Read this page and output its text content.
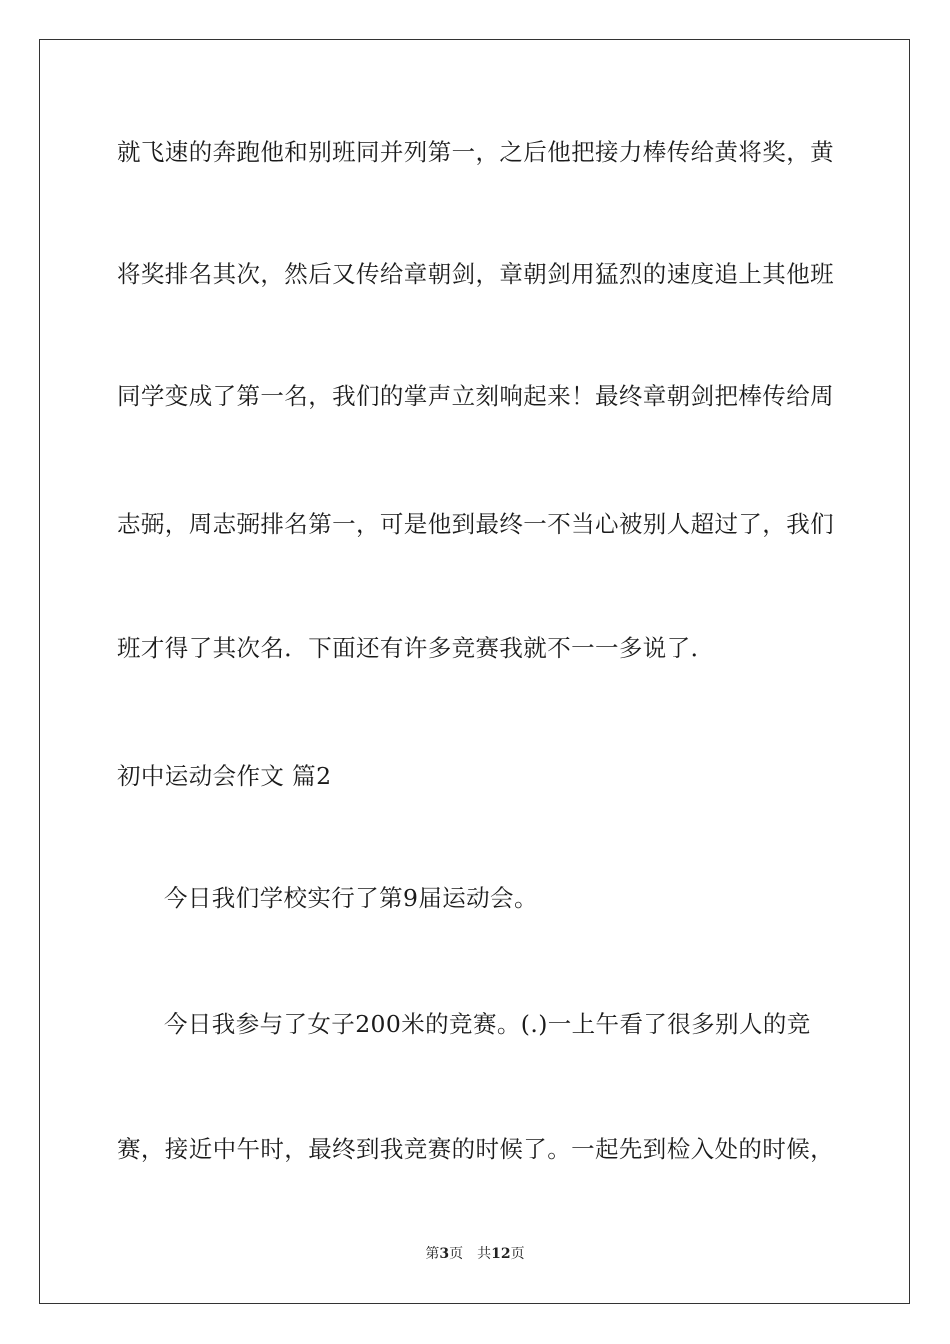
就飞速的奔跑他和别班同并列第一，之后他把接力棒传给黄将奖，黄
将奖排名其次，然后又传给章朝剑，章朝剑用猛烈的速度追上其他班
同学变成了第一名，我们的掌声立刻响起来！最终章朝剑把棒传给周
志弼，周志弼排名第一，可是他到最终一不当心被别人超过了，我们
班才得了其次名．下面还有许多竞赛我就不一一多说了．
初中运动会作文 篇2
今日我们学校实行了第9届运动会。
今日我参与了女子200米的竞赛。(.)一上午看了很多别人的竞
赛，接近中午时，最终到我竞赛的时候了。一起先到检入处的时候，
第3页 共12页
